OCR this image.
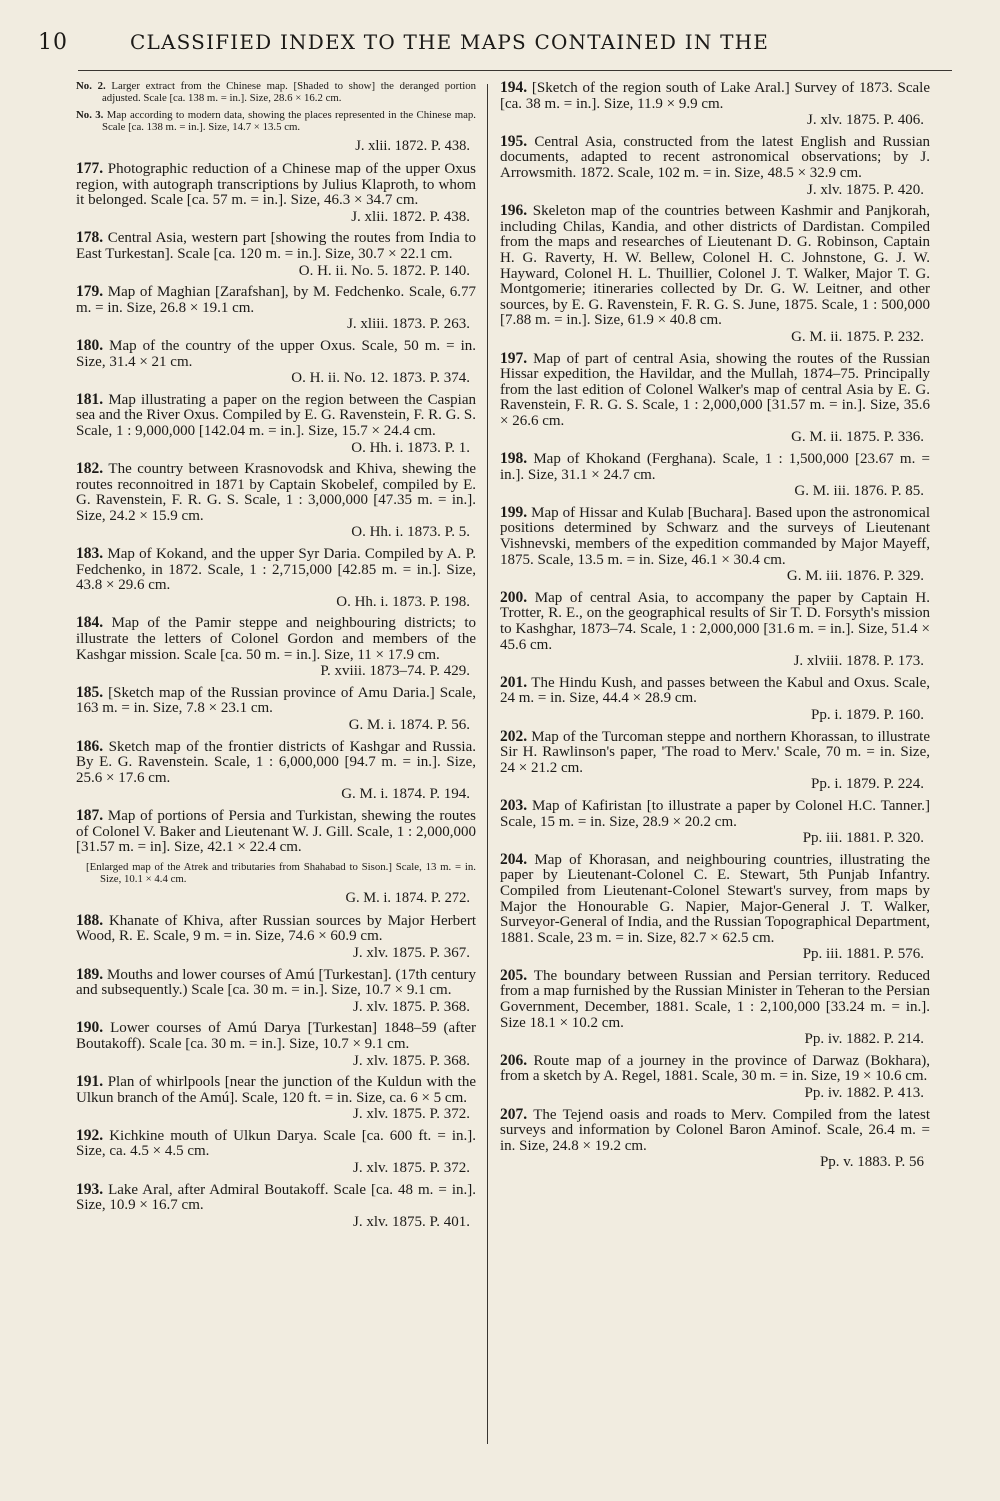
10	CLASSIFIED INDEX TO THE MAPS CONTAINED IN THE
No. 2. Larger extract from the Chinese map. [Shaded to show] the deranged portion adjusted. Scale [ca. 138 m. = in.]. Size, 28.6 × 16.2 cm.
No. 3. Map according to modern data, showing the places represented in the Chinese map. Scale [ca. 138 m. = in.]. Size, 14.7 × 13.5 cm.
J. xlii. 1872. P. 438.
177. Photographic reduction of a Chinese map of the upper Oxus region, with autograph transcriptions by Julius Klaproth, to whom it belonged. Scale [ca. 57 m. = in.]. Size, 46.3 × 34.7 cm.
J. xlii. 1872. P. 438.
178. Central Asia, western part [showing the routes from India to East Turkestan]. Scale [ca. 120 m. = in.]. Size, 30.7 × 22.1 cm.
O. H. ii. No. 5. 1872. P. 140.
179. Map of Maghian [Zarafshan], by M. Fedchenko. Scale, 6.77 m. = in. Size, 26.8 × 19.1 cm.
J. xliii. 1873. P. 263.
180. Map of the country of the upper Oxus. Scale, 50 m. = in. Size, 31.4 × 21 cm.
O. H. ii. No. 12. 1873. P. 374.
181. Map illustrating a paper on the region between the Caspian sea and the River Oxus. Compiled by E. G. Ravenstein, F. R. G. S. Scale, 1 : 9,000,000 [142.04 m. = in.]. Size, 15.7 × 24.4 cm.
O. Hh. i. 1873. P. 1.
182. The country between Krasnovodsk and Khiva, shewing the routes reconnoitred in 1871 by Captain Skobelef, compiled by E. G. Ravenstein, F. R. G. S. Scale, 1 : 3,000,000 [47.35 m. = in.]. Size, 24.2 × 15.9 cm.
O. Hh. i. 1873. P. 5.
183. Map of Kokand, and the upper Syr Daria. Compiled by A. P. Fedchenko, in 1872. Scale, 1 : 2,715,000 [42.85 m. = in.]. Size, 43.8 × 29.6 cm.
O. Hh. i. 1873. P. 198.
184. Map of the Pamir steppe and neighbouring districts; to illustrate the letters of Colonel Gordon and members of the Kashgar mission. Scale [ca. 50 m. = in.]. Size, 11 × 17.9 cm.
P. xviii. 1873–74. P. 429.
185. [Sketch map of the Russian province of Amu Daria.] Scale, 163 m. = in. Size, 7.8 × 23.1 cm.
G. M. i. 1874. P. 56.
186. Sketch map of the frontier districts of Kashgar and Russia. By E. G. Ravenstein. Scale, 1 : 6,000,000 [94.7 m. = in.]. Size, 25.6 × 17.6 cm.
G. M. i. 1874. P. 194.
187. Map of portions of Persia and Turkistan, shewing the routes of Colonel V. Baker and Lieutenant W. J. Gill. Scale, 1 : 2,000,000 [31.57 m. = in]. Size, 42.1 × 22.4 cm.
[Enlarged map of the Atrek and tributaries from Shahabad to Sison.] Scale, 13 m. = in. Size, 10.1 × 4.4 cm.
G. M. i. 1874. P. 272.
188. Khanate of Khiva, after Russian sources by Major Herbert Wood, R. E. Scale, 9 m. = in. Size, 74.6 × 60.9 cm.
J. xlv. 1875. P. 367.
189. Mouths and lower courses of Amú [Turkestan]. (17th century and subsequently.) Scale [ca. 30 m. = in.]. Size, 10.7 × 9.1 cm.
J. xlv. 1875. P. 368.
190. Lower courses of Amú Darya [Turkestan] 1848–59 (after Boutakoff). Scale [ca. 30 m. = in.]. Size, 10.7 × 9.1 cm.
J. xlv. 1875. P. 368.
191. Plan of whirlpools [near the junction of the Kuldun with the Ulkun branch of the Amú]. Scale, 120 ft. = in. Size, ca. 6 × 5 cm.
J. xlv. 1875. P. 372.
192. Kichkine mouth of Ulkun Darya. Scale [ca. 600 ft. = in.]. Size, ca. 4.5 × 4.5 cm.
J. xlv. 1875. P. 372.
193. Lake Aral, after Admiral Boutakoff. Scale [ca. 48 m. = in.]. Size, 10.9 × 16.7 cm.
J. xlv. 1875. P. 401.
194. [Sketch of the region south of Lake Aral.] Survey of 1873. Scale [ca. 38 m. = in.]. Size, 11.9 × 9.9 cm.
J. xlv. 1875. P. 406.
195. Central Asia, constructed from the latest English and Russian documents, adapted to recent astronomical observations; by J. Arrowsmith. 1872. Scale, 102 m. = in. Size, 48.5 × 32.9 cm.
J. xlv. 1875. P. 420.
196. Skeleton map of the countries between Kashmir and Panjkorah, including Chilas, Kandia, and other districts of Dardistan. Compiled from the maps and researches of Lieutenant D. G. Robinson, Captain H. G. Raverty, H. W. Bellew, Colonel H. C. Johnstone, G. J. W. Hayward, Colonel H. L. Thuillier, Colonel J. T. Walker, Major T. G. Montgomerie; itineraries collected by Dr. G. W. Leitner, and other sources, by E. G. Ravenstein, F. R. G. S. June, 1875. Scale, 1 : 500,000 [7.88 m. = in.]. Size, 61.9 × 40.8 cm.
G. M. ii. 1875. P. 232.
197. Map of part of central Asia, showing the routes of the Russian Hissar expedition, the Havildar, and the Mullah, 1874–75. Principally from the last edition of Colonel Walker's map of central Asia by E. G. Ravenstein, F. R. G. S. Scale, 1 : 2,000,000 [31.57 m. = in.]. Size, 35.6 × 26.6 cm.
G. M. ii. 1875. P. 336.
198. Map of Khokand (Ferghana). Scale, 1 : 1,500,000 [23.67 m. = in.]. Size, 31.1 × 24.7 cm.
G. M. iii. 1876. P. 85.
199. Map of Hissar and Kulab [Buchara]. Based upon the astronomical positions determined by Schwarz and the surveys of Lieutenant Vishnevski, members of the expedition commanded by Major Mayeff, 1875. Scale, 13.5 m. = in. Size, 46.1 × 30.4 cm.
G. M. iii. 1876. P. 329.
200. Map of central Asia, to accompany the paper by Captain H. Trotter, R. E., on the geographical results of Sir T. D. Forsyth's mission to Kashghar, 1873–74. Scale, 1 : 2,000,000 [31.6 m. = in.]. Size, 51.4 × 45.6 cm.
J. xlviii. 1878. P. 173.
201. The Hindu Kush, and passes between the Kabul and Oxus. Scale, 24 m. = in. Size, 44.4 × 28.9 cm.
Pp. i. 1879. P. 160.
202. Map of the Turcoman steppe and northern Khorassan, to illustrate Sir H. Rawlinson's paper, 'The road to Merv.' Scale, 70 m. = in. Size, 24 × 21.2 cm.
Pp. i. 1879. P. 224.
203. Map of Kafiristan [to illustrate a paper by Colonel H.C. Tanner.] Scale, 15 m. = in. Size, 28.9 × 20.2 cm.
Pp. iii. 1881. P. 320.
204. Map of Khorasan, and neighbouring countries, illustrating the paper by Lieutenant-Colonel C. E. Stewart, 5th Punjab Infantry. Compiled from Lieutenant-Colonel Stewart's survey, from maps by Major the Honourable G. Napier, Major-General J. T. Walker, Surveyor-General of India, and the Russian Topographical Department, 1881. Scale, 23 m. = in. Size, 82.7 × 62.5 cm.
Pp. iii. 1881. P. 576.
205. The boundary between Russian and Persian territory. Reduced from a map furnished by the Russian Minister in Teheran to the Persian Government, December, 1881. Scale, 1 : 2,100,000 [33.24 m. = in.]. Size 18.1 × 10.2 cm.
Pp. iv. 1882. P. 214.
206. Route map of a journey in the province of Darwaz (Bokhara), from a sketch by A. Regel, 1881. Scale, 30 m. = in. Size, 19 × 10.6 cm.
Pp. iv. 1882. P. 413.
207. The Tejend oasis and roads to Merv. Compiled from the latest surveys and information by Colonel Baron Aminof. Scale, 26.4 m. = in. Size, 24.8 × 19.2 cm.
Pp. v. 1883. P. 56
